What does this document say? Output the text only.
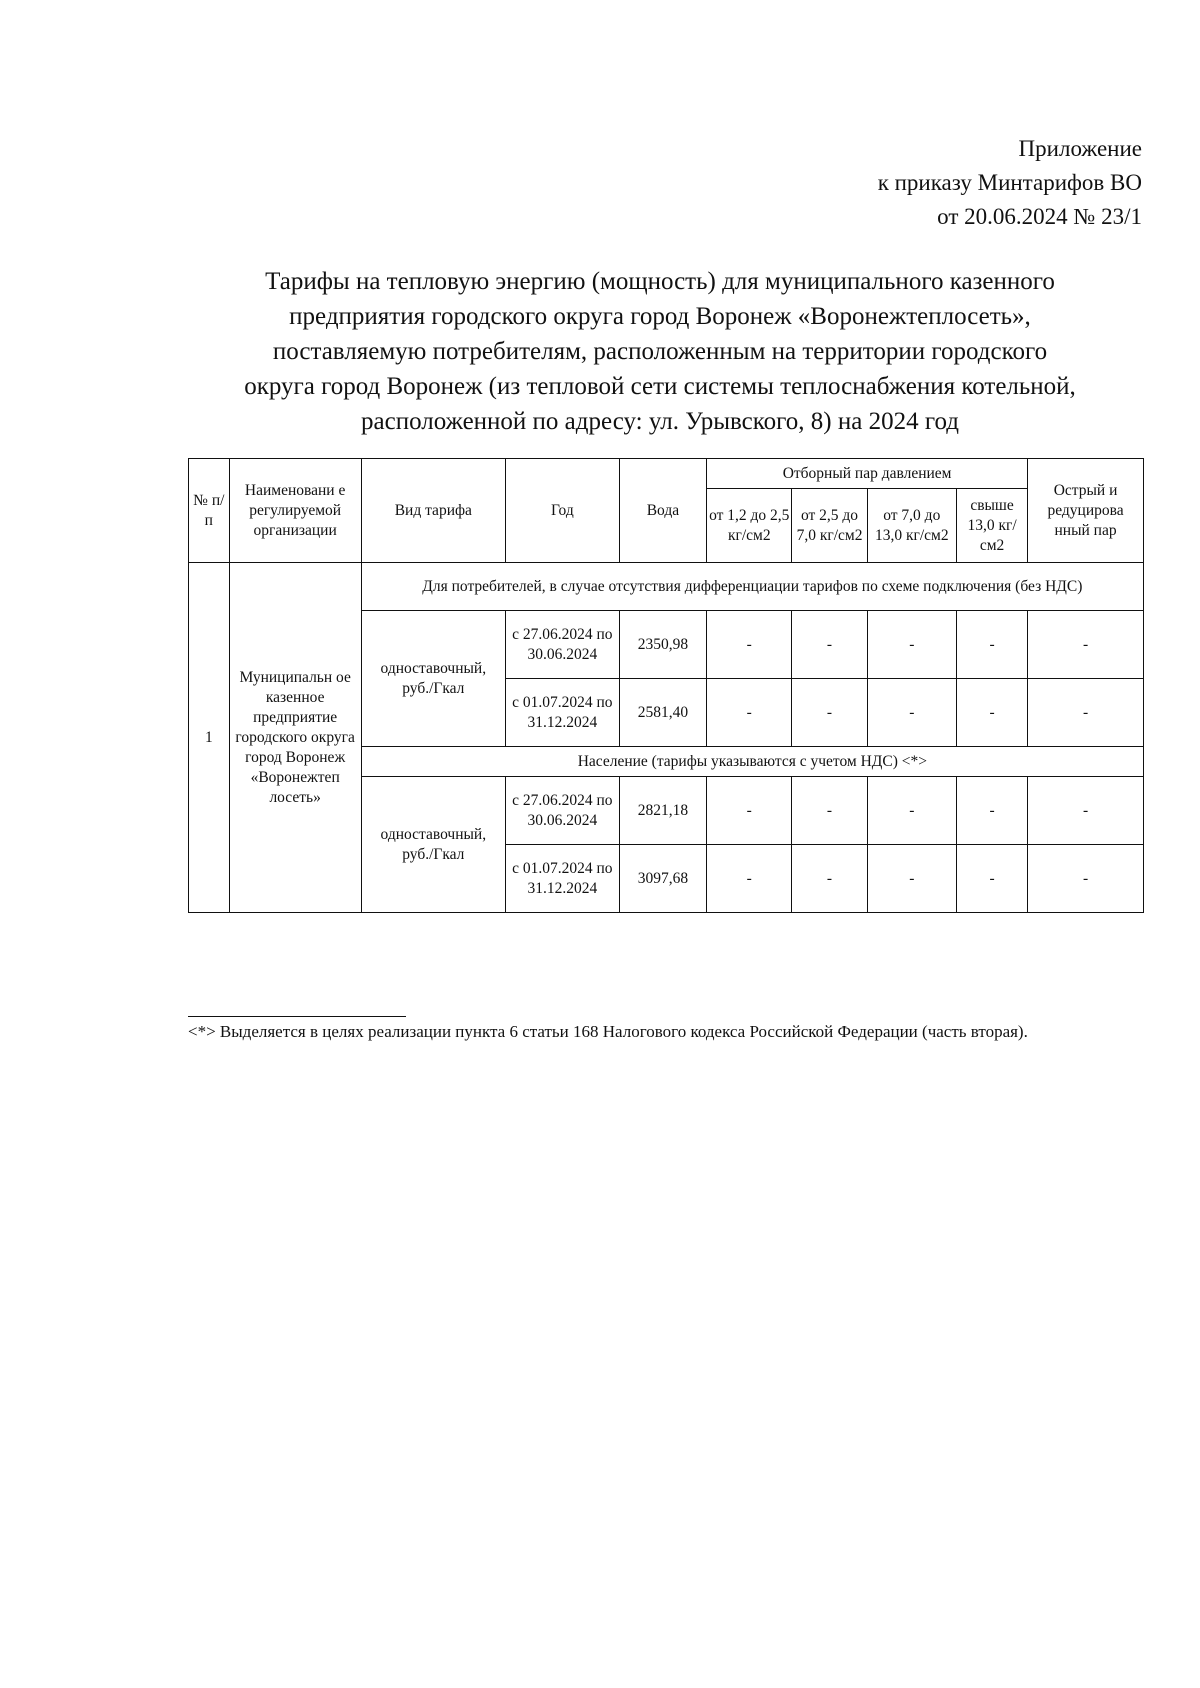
Приложение
к приказу Минтарифов ВО
от 20.06.2024 № 23/1
Тарифы на тепловую энергию (мощность) для муниципального казенного
предприятия городского округа город Воронеж «Воронежтеплосеть»,
поставляемую потребителям, расположенным на территории городского
округа город Воронеж (из тепловой сети системы теплоснабжения котельной,
расположенной по адресу: ул. Урывского, 8) на 2024 год
№ п/п	Наименовани е регулируемой организации	Вид тарифа	Год	Вода	Отборный пар давлением				Острый и редуцирова нный пар
					от 1,2 до 2,5 кг/см2	от 2,5 до 7,0 кг/см2	от 7,0 до 13,0 кг/см2	свыше 13,0 кг/см2	
1	Муниципальн ое казенное предприятие городского округа город Воронеж «Воронежтеп лосеть»	Для потребителей, в случае отсутствия дифференциации тарифов по схеме подключения (без НДС)							
		одноставочный, руб./Гкал	с 27.06.2024 по 30.06.2024	2350,98	-	-	-	-	-
			с 01.07.2024 по 31.12.2024	2581,40	-	-	-	-	-
		Население (тарифы указываются с учетом НДС) <*>							
		одноставочный, руб./Гкал	с 27.06.2024 по 30.06.2024	2821,18	-	-	-	-	-
			с 01.07.2024 по 31.12.2024	3097,68	-	-	-	-	-
<*> Выделяется в целях реализации пункта 6 статьи 168 Налогового кодекса Российской Федерации (часть вторая).
